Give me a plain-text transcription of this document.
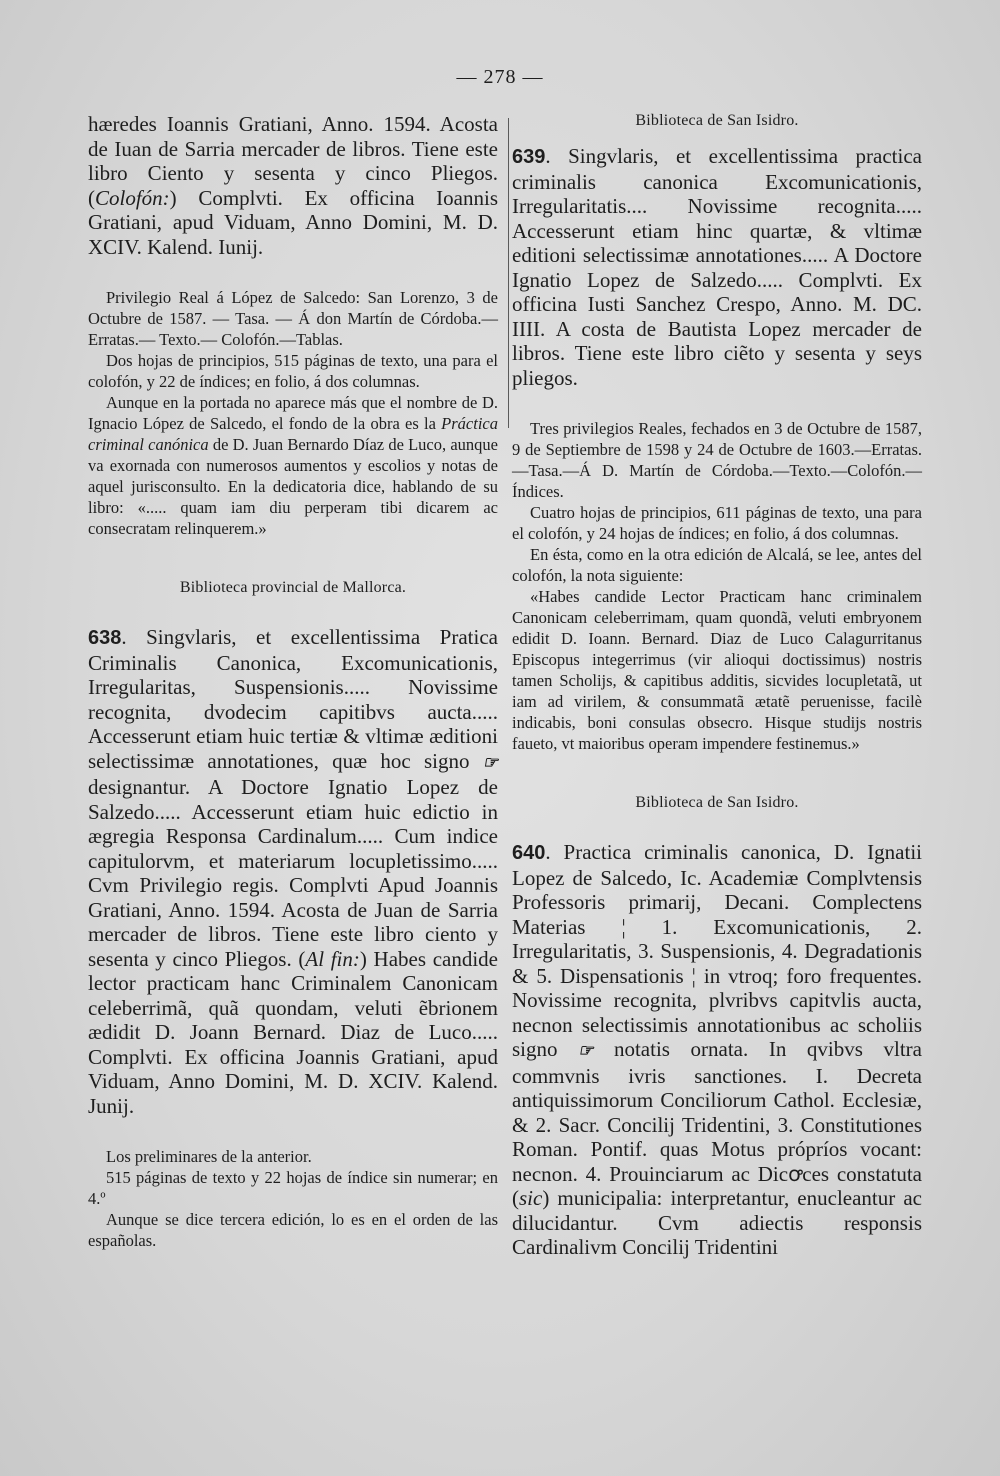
— 278 —

hæredes Ioannis Gratiani, Anno. 1594. Acosta de Iuan de Sarria mercader de libros. Tiene este libro Ciento y sesenta y cinco Pliegos. (Colofón:) Complvti. Ex officina Ioannis Gratiani, apud Viduam, Anno Domini, M. D. XCIV. Kalend. Iunij.

Privilegio Real á López de Salcedo: San Lorenzo, 3 de Octubre de 1587. — Tasa. — Á don Martín de Córdoba.— Erratas.— Texto.— Colofón.—Tablas.

Dos hojas de principios, 515 páginas de texto, una para el colofón, y 22 de índices; en folio, á dos columnas.

Aunque en la portada no aparece más que el nombre de D. Ignacio López de Salcedo, el fondo de la obra es la Práctica criminal canónica de D. Juan Bernardo Díaz de Luco, aunque va exornada con numerosos aumentos y escolios y notas de aquel jurisconsulto. En la dedicatoria dice, hablando de su libro: «..... quam iam diu perperam tibi dicarem ac consecratam relinquerem.»

Biblioteca provincial de Mallorca.

638. Singvlaris, et excellentissima Pratica Criminalis Canonica, Excomunicationis, Irregularitas, Suspensionis..... Novissime recognita, dvodecim capitibvs aucta..... Accesserunt etiam huic tertiæ & vltimæ æditioni selectissimæ annotationes, quæ hoc signo ☞ designantur. A Doctore Ignatio Lopez de Salzedo..... Accesserunt etiam huic edictio in ægregia Responsa Cardinalum..... Cum indice capitulorvm, et materiarum locupletissimo..... Cvm Privilegio regis. Complvti Apud Joannis Gratiani, Anno. 1594. Acosta de Juan de Sarria mercader de libros. Tiene este libro ciento y sesenta y cinco Pliegos. (Al fin:) Habes candide lector practicam hanc Criminalem Canonicam celeberrimã, quã quondam, veluti ẽbrionem ædidit D. Joann Bernard. Diaz de Luco..... Complvti. Ex officina Joannis Gratiani, apud Viduam, Anno Domini, M. D. XCIV. Kalend. Junij.

Los preliminares de la anterior.

515 páginas de texto y 22 hojas de índice sin numerar; en 4.º

Aunque se dice tercera edición, lo es en el orden de las españolas.

Biblioteca de San Isidro.

639. Singvlaris, et excellentissima practica criminalis canonica Excomunicationis, Irregularitatis.... Novissime recognita..... Accesserunt etiam hinc quartæ, & vltimæ editioni selectissimæ annotationes..... A Doctore Ignatio Lopez de Salzedo..... Complvti. Ex officina Iusti Sanchez Crespo, Anno. M. DC. IIII. A costa de Bautista Lopez mercader de libros. Tiene este libro ciẽto y sesenta y seys pliegos.

Tres privilegios Reales, fechados en 3 de Octubre de 1587, 9 de Septiembre de 1598 y 24 de Octubre de 1603.—Erratas.—Tasa.—Á D. Martín de Córdoba.—Texto.—Colofón.—Índices.

Cuatro hojas de principios, 611 páginas de texto, una para el colofón, y 24 hojas de índices; en folio, á dos columnas.

En ésta, como en la otra edición de Alcalá, se lee, antes del colofón, la nota siguiente:

«Habes candide Lector Practicam hanc criminalem Canonicam celeberrimam, quam quondã, veluti embryonem edidit D. Ioann. Bernard. Diaz de Luco Calagurritanus Episcopus integerrimus (vir alioqui doctissimus) nostris tamen Scholijs, & capitibus additis, sicvides locupletatã, ut iam ad virilem, & consummatã ætatẽ peruenisse, facilè indicabis, boni consulas obsecro. Hisque studijs nostris faueto, vt maioribus operam impendere festinemus.»

Biblioteca de San Isidro.

640. Practica criminalis canonica, D. Ignatii Lopez de Salcedo, Ic. Academiæ Complvtensis Professoris primarij, Decani. Complectens Materias ¦ 1. Excomunicationis, 2. Irregularitatis, 3. Suspensionis, 4. Degradationis & 5. Dispensationis ¦ in vtroq; foro frequentes. Novissime recognita, plvribvs capitvlis aucta, necnon selectissimis annotationibus ac scholiis signo ☞ notatis ornata. In qvibvs vltra commvnis ivris sanctiones. I. Decreta antiquissimorum Conciliorum Cathol. Ecclesiæ, & 2. Sacr. Concilij Tridentini, 3. Constitutiones Roman. Pontif. quas Motus própríos vocant: necnon. 4. Prouinciarum ac Dicꝍces constatuta (sic) municipalia: interpretantur, enucleantur ac dilucidantur. Cvm adiectis responsis Cardinalivm Concilij Tridentini
